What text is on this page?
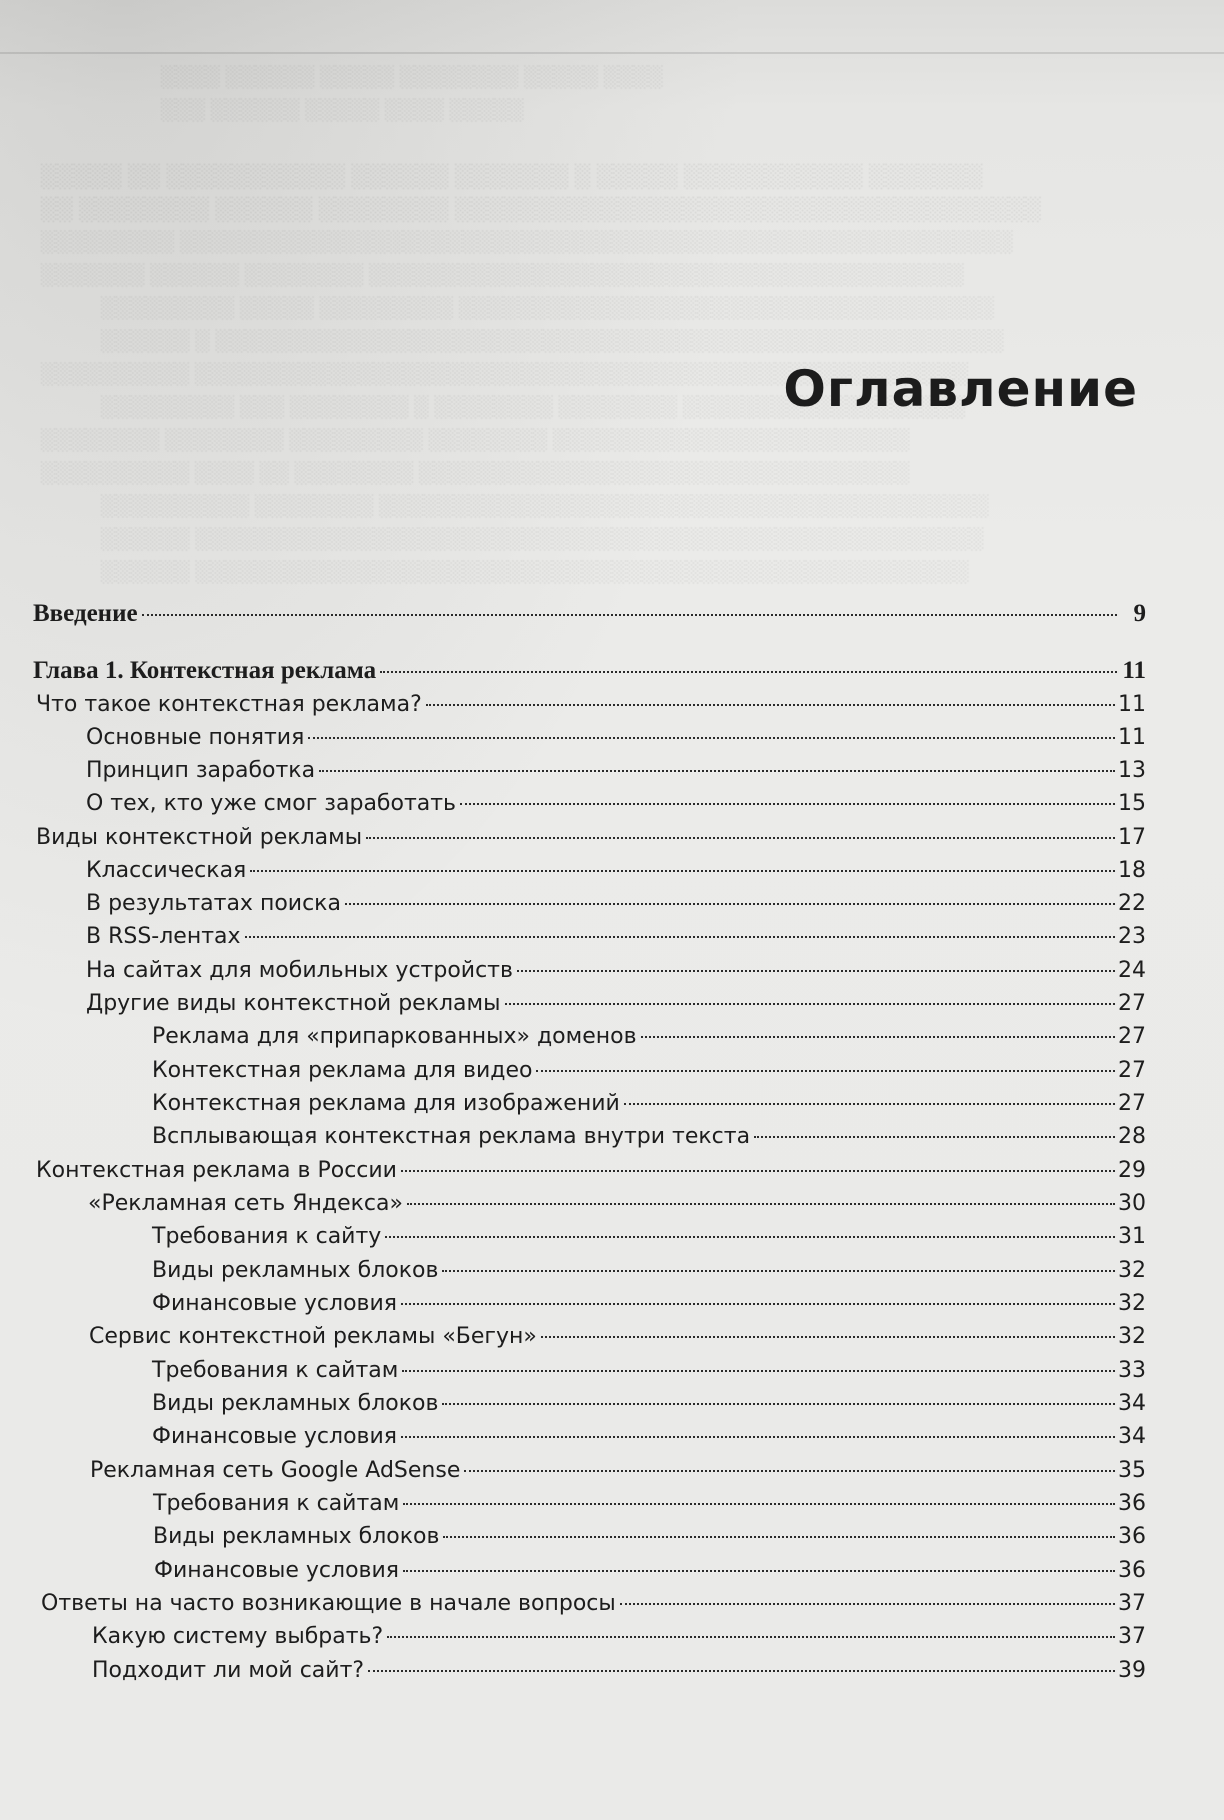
░░░░ ░░░░░░ ░░░░░ ░░░░░░░░ ░░░░░ ░░░░
░░░ ░░░░░░ ░░░░░ ░░░░ ░░░░░

░░░░░ ░░ ░░░░░░░░░░░ ░░░░░░ ░░░░░░░ ░ ░░░░░ ░░░░░░░░░░░ ░░░░░░░
░░ ░░░░░░░░ ░░░░░░ ░░░░░░░░ ░░░░░░░░░░░░░░░░░░░░░░░░░░░░░░░░░░░░
░░░░░░░░░ ░░░░░░░░░░░░░░░░░░░░░░░░░░░░░░░░░░░░░░░░░░░░░░░░░░░░░░░░
░░░░░░░ ░░░░░░ ░░░░░░░░ ░░░░░░░░░░░░░░░░░░░░░░░░░░░░░░░░░░░░░░░░
░░░░░░░░░ ░░░░░ ░░░░░░░░░ ░░░░░░░░░░░░░░░░░░░░░░░░░░░░░░░░░░░░
░░░░░░ ░ ░░░░░░░░░░░░░░░░░░░░░░░░░░░░░░░░░░░░░░░░░░░░░░░░░░░░░
░░░░░░░░░░ ░░░░░░░░░░░░░░░░░░░░░░░░░░░░░░░░░░░░░░░░░░░░░░░░░░░░
░░░░░░░░░ ░░░ ░░░░░░░░ ░ ░░░░░░░░ ░░░░░░░░ ░░░░░░░░░░░░░░░░░░░
░░░░░░░░ ░░░░░░░░ ░░░░░░░░░ ░░░░░░░░ ░░░░░░░░░░░░░░░░░░░░░░░░
░░░░░░░░░░ ░░░░ ░░ ░░░░░░░░ ░░░░░░░░░░░░░░░░░░░░░░░░░░░░░░░░░
░░░░░░░░░░ ░░░░░░░░ ░░░░░░░░░░░░░░░░░░░░░░░░░░░░░░░░░░░░░░░░░
░░░░░░ ░░░░░░░░░░░░░░░░░░░░░░░░░░░░░░░░░░░░░░░░░░░░░░░░░░░░░
░░░░░░ ░░░░░░░░░░░░░░░░░░░░░░░░░░░░░░░░░░░░░░░░░░░░░░░░░░░░
Оглавление
Введение	9
Глава 1. Контекстная реклама	11
Что такое контекстная реклама?	11
Основные понятия	11
Принцип заработка	13
О тех, кто уже смог заработать	15
Виды контекстной рекламы	17
Классическая	18
В результатах поиска	22
В RSS-лентах	23
На сайтах для мобильных устройств	24
Другие виды контекстной рекламы	27
Реклама для «припаркованных» доменов	27
Контекстная реклама для видео	27
Контекстная реклама для изображений	27
Всплывающая контекстная реклама внутри текста	28
Контекстная реклама в России	29
«Рекламная сеть Яндекса»	30
Требования к сайту	31
Виды рекламных блоков	32
Финансовые условия	32
Сервис контекстной рекламы «Бегун»	32
Требования к сайтам	33
Виды рекламных блоков	34
Финансовые условия	34
Рекламная сеть Google AdSense	35
Требования к сайтам	36
Виды рекламных блоков	36
Финансовые условия	36
Ответы на часто возникающие в начале вопросы	37
Какую систему выбрать?	37
Подходит ли мой сайт?	39
